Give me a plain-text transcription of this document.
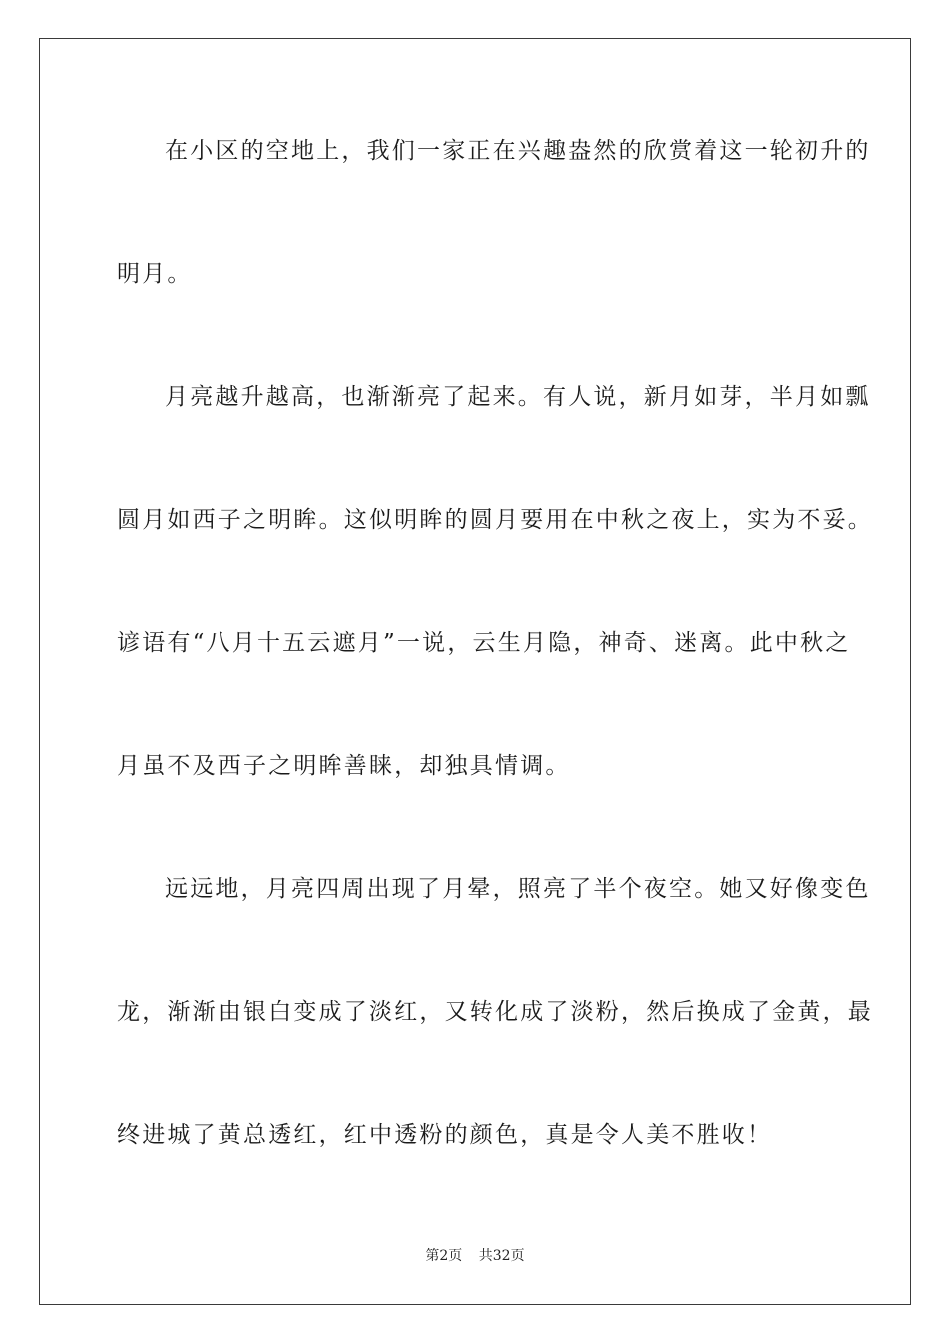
在小区的空地上，我们一家正在兴趣盎然的欣赏着这一轮初升的
明月。
月亮越升越高，也渐渐亮了起来。有人说，新月如芽，半月如瓢
圆月如西子之明眸。这似明眸的圆月要用在中秋之夜上，实为不妥。
谚语有“八月十五云遮月”一说，云生月隐，神奇、迷离。此中秋之
月虽不及西子之明眸善睐，却独具情调。
远远地，月亮四周出现了月晕，照亮了半个夜空。她又好像变色
龙，渐渐由银白变成了淡红，又转化成了淡粉，然后换成了金黄，最
终进城了黄总透红，红中透粉的颜色，真是令人美不胜收！
第2页 共32页
